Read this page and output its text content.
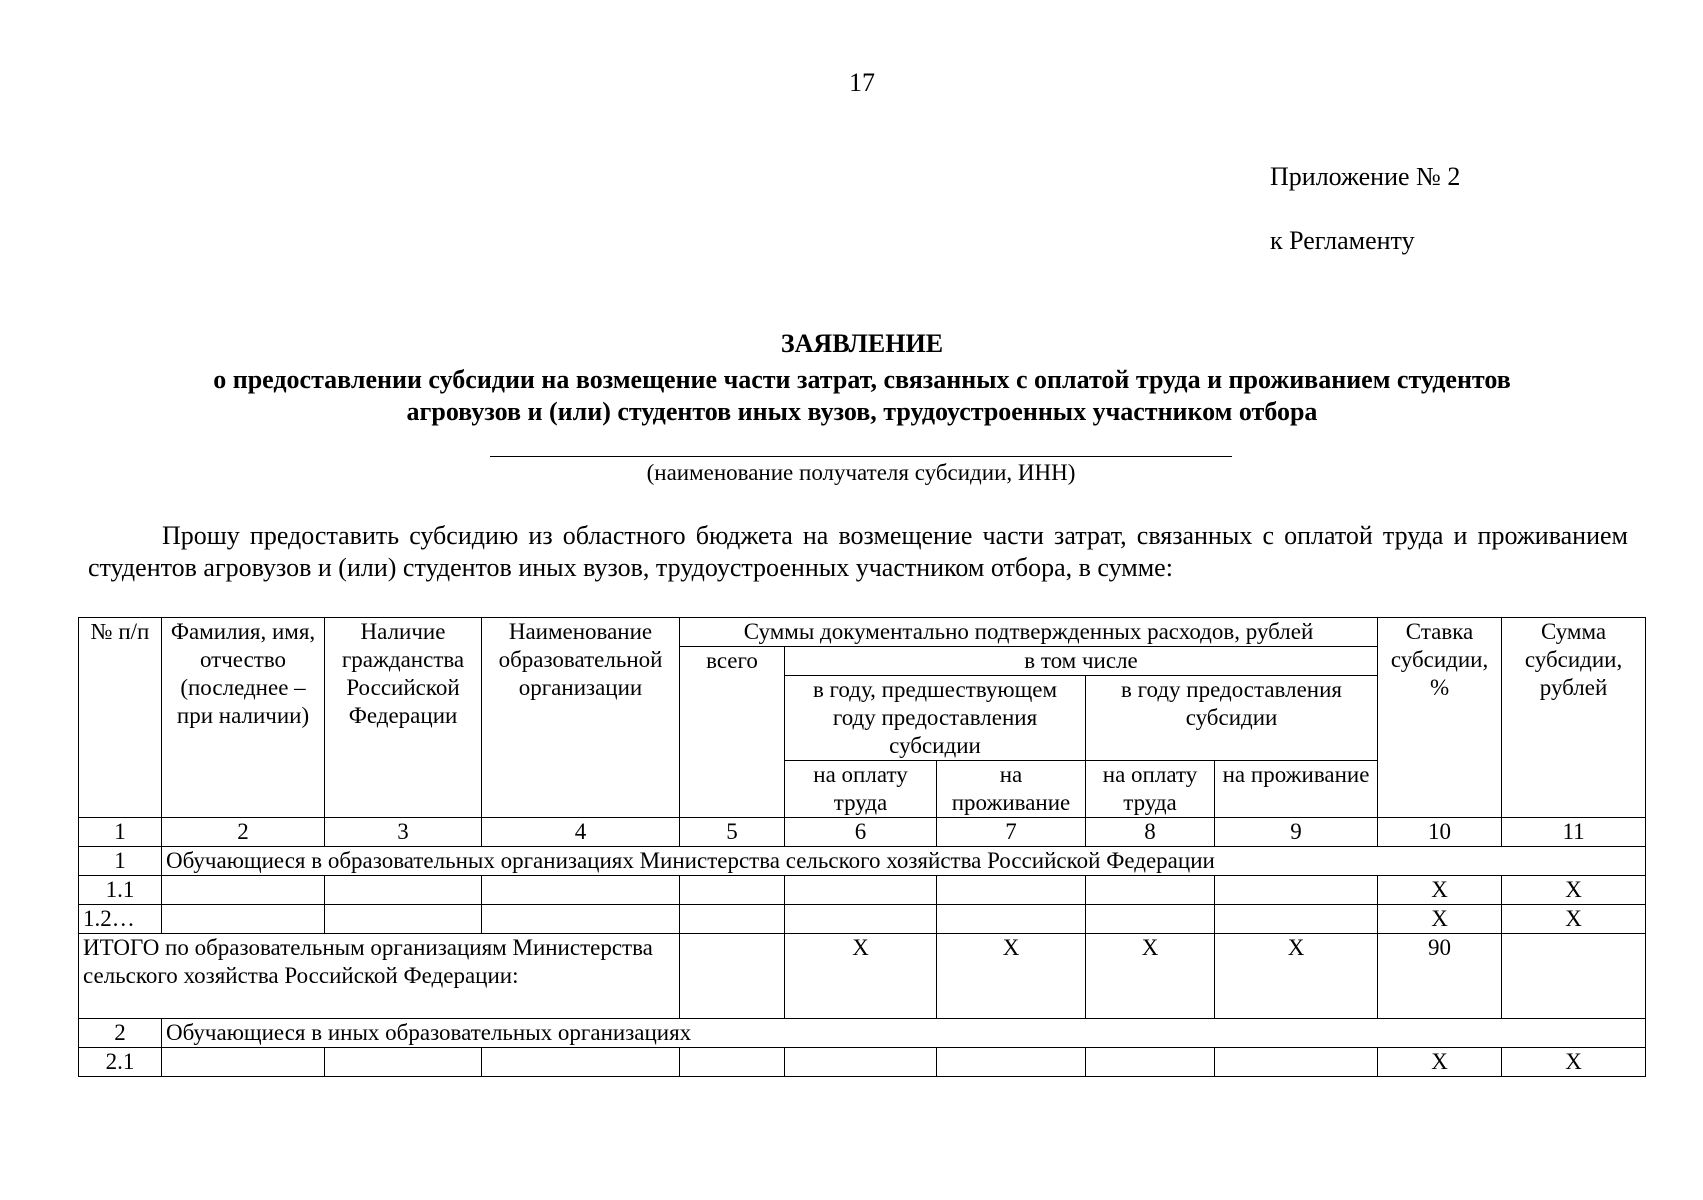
17
Приложение № 2
к Регламенту
ЗАЯВЛЕНИЕ
о предоставлении субсидии на возмещение части затрат, связанных с оплатой труда и проживанием студентов
агровузов и (или) студентов иных вузов, трудоустроенных участником отбора
(наименование получателя субсидии, ИНН)
Прошу предоставить субсидию из областного бюджета на возмещение части затрат, связанных с оплатой труда и проживанием студентов агровузов и (или) студентов иных вузов, трудоустроенных участником отбора, в сумме:
№ п/п	Фамилия, имя, отчество (последнее – при наличии)	Наличие гражданства Российской Федерации	Наименование образовательной организации	Суммы документально подтвержденных расходов, рублей					Ставка субсидии, %	Сумма субсидии, рублей
				всего	в том числе					
					в году, предшествующем году предоставления субсидии		в году предоставления субсидии			
					на оплату труда	на проживание	на оплату труда	на проживание		
1	2	3	4	5	6	7	8	9	10	11
1	Обучающиеся в образовательных организациях Министерства сельского хозяйства Российской Федерации									
1.1									X	X
1.2…									X	X
ИТОГО по образовательным организациям Министерства сельского хозяйства Российской Федерации:					X	X	X	X	90	
2	Обучающиеся в иных образовательных организациях									
2.1									X	X
